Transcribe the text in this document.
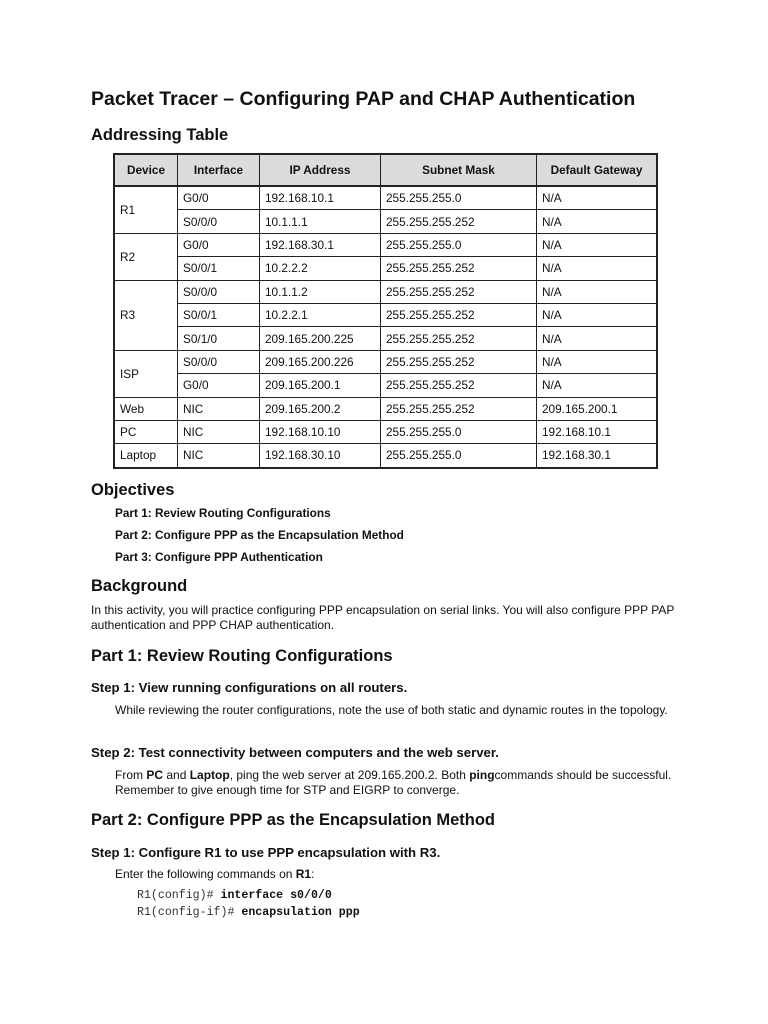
Packet Tracer – Configuring PAP and CHAP Authentication
Addressing Table
Device	Interface	IP Address	Subnet Mask	Default Gateway
R1	G0/0	192.168.10.1	255.255.255.0	N/A
	S0/0/0	10.1.1.1	255.255.255.252	N/A
R2	G0/0	192.168.30.1	255.255.255.0	N/A
	S0/0/1	10.2.2.2	255.255.255.252	N/A
R3	S0/0/0	10.1.1.2	255.255.255.252	N/A
	S0/0/1	10.2.2.1	255.255.255.252	N/A
	S0/1/0	209.165.200.225	255.255.255.252	N/A
ISP	S0/0/0	209.165.200.226	255.255.255.252	N/A
	G0/0	209.165.200.1	255.255.255.252	N/A
Web	NIC	209.165.200.2	255.255.255.252	209.165.200.1
PC	NIC	192.168.10.10	255.255.255.0	192.168.10.1
Laptop	NIC	192.168.30.10	255.255.255.0	192.168.30.1
Objectives

Part 1: Review Routing Configurations

Part 2: Configure PPP as the Encapsulation Method

Part 3: Configure PPP Authentication

Background

In this activity, you will practice configuring PPP encapsulation on serial links. You will also configure PPP PAP authentication and PPP CHAP authentication.

Part 1: Review Routing Configurations
Step 1: View running configurations on all routers.

While reviewing the router configurations, note the use of both static and dynamic routes in the topology.

Step 2: Test connectivity between computers and the web server.

From PC and Laptop, ping the web server at 209.165.200.2. Both pingcommands should be successful. Remember to give enough time for STP and EIGRP to converge.

Part 2: Configure PPP as the Encapsulation Method
Step 1: Configure R1 to use PPP encapsulation with R3.

Enter the following commands on R1:

R1(config)# interface s0/0/0

R1(config-if)# encapsulation ppp
